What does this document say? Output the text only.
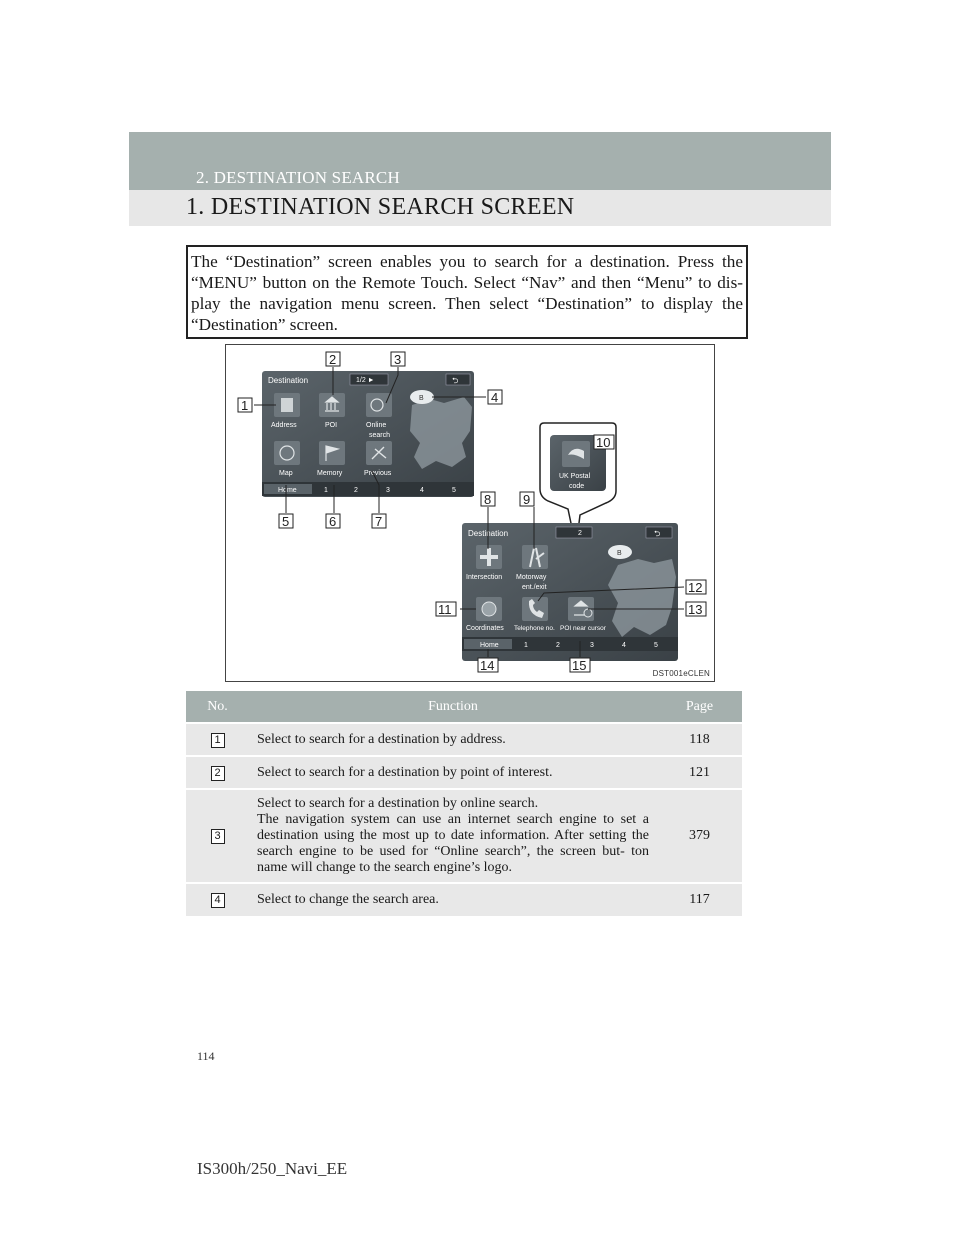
2. DESTINATION SEARCH
1. DESTINATION SEARCH SCREEN
The “Destination” screen enables you to search for a destination. Press the “MENU” button on the Remote Touch. Select “Nav” and then “Menu” to dis- play the navigation menu screen. Then select “Destination” to display the “Destination” screen.
Destination	1/2 ►	⮌
B
Address	POI	Online
search
Map	Memory	Previous
Home	1	2	3	4	5
UK Postal
code
Destination	2	⮌
B
Intersection Motorway
ent./exit
Coordinates Telephone no. POI near cursor
Home	1	2	3	4	5
1
2	3
4
5	6	7
8 9
10
11
12
13
14	15
DST001eCLEN
No.	Function	Page
1	Select to search for a destination by address.	118
2	Select to search for a destination by point of interest.	121
3	Select to search for a destination by online search.
The navigation system can use an internet search engine to set a destination using the most up to date information. After setting the search engine to be used for “Online search”, the screen but- ton name will change to the search engine’s logo.	379
4	Select to change the search area.	117
114
IS300h/250_Navi_EE
